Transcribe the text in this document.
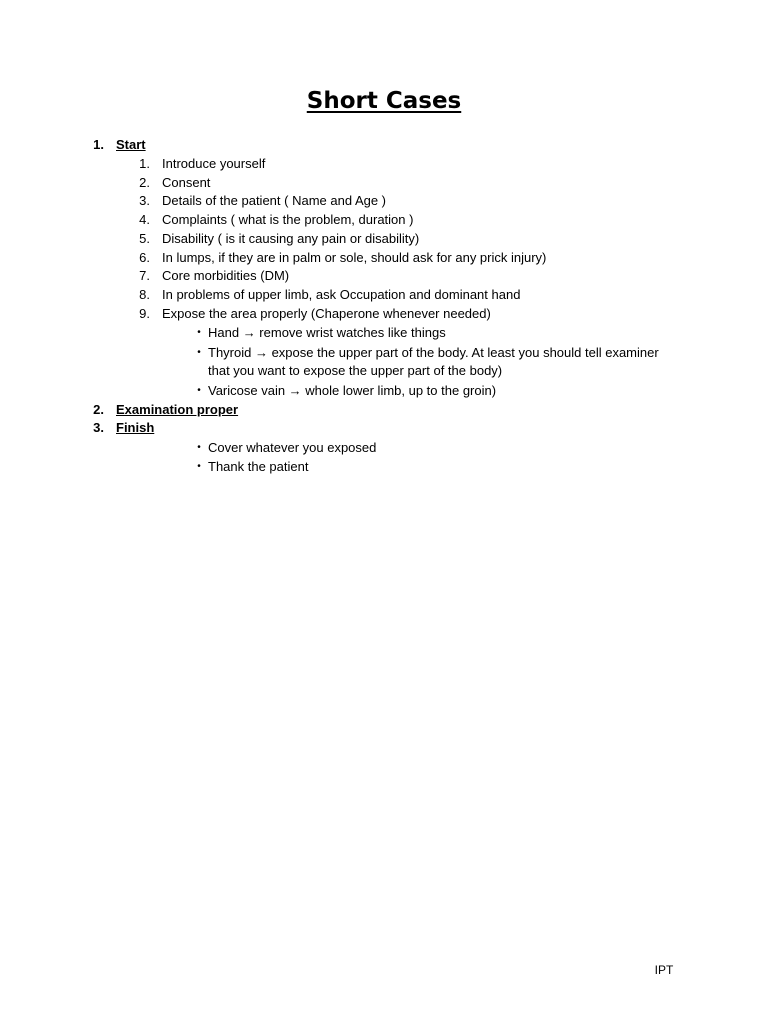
Short Cases
1. Start
1. Introduce yourself
2. Consent
3. Details of the patient ( Name and Age )
4. Complaints ( what is the problem, duration )
5. Disability ( is it causing any pain or disability)
6. In lumps, if they are in palm or sole, should ask for any prick injury)
7. Core morbidities (DM)
8. In problems of upper limb, ask Occupation and dominant hand
9. Expose the area properly (Chaperone whenever needed)
• Hand → remove wrist watches like things
• Thyroid → expose the upper part of the body. At least you should tell examiner
that you want to expose the upper part of the body)
• Varicose vain → whole lower limb, up to the groin)
2. Examination proper
3. Finish
• Cover whatever you exposed
• Thank the patient
IPT
